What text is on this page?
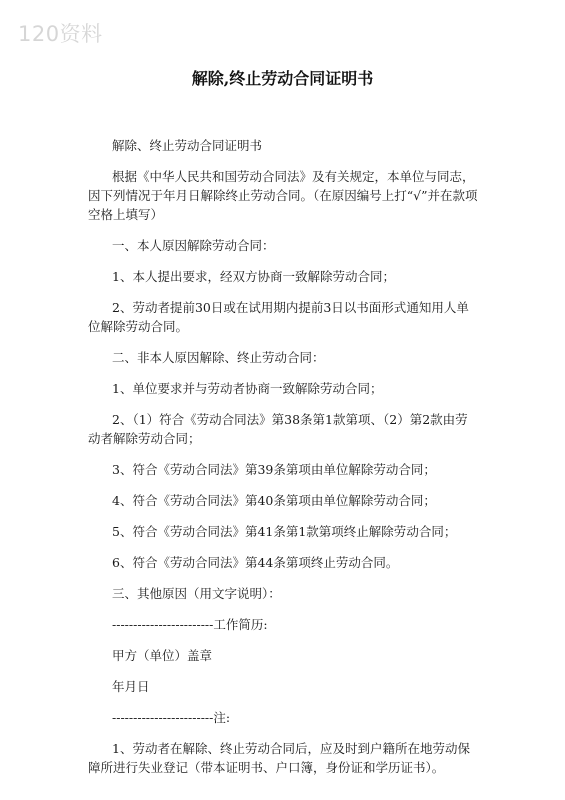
120资料
解除,终止劳动合同证明书

解除、终止劳动合同证明书

根据《中华人民共和国劳动合同法》及有关规定，本单位与同志，因下列情况于年月日解除终止劳动合同。（在原因编号上打“√”并在款项空格上填写）

一、本人原因解除劳动合同：

1、本人提出要求，经双方协商一致解除劳动合同；

2、劳动者提前30日或在试用期内提前3日以书面形式通知用人单位解除劳动合同。

二、非本人原因解除、终止劳动合同：

1、单位要求并与劳动者协商一致解除劳动合同；

2、（1）符合《劳动合同法》第38条第1款第项、（2）第2款由劳动者解除劳动合同；

3、符合《劳动合同法》第39条第项由单位解除劳动合同；

4、符合《劳动合同法》第40条第项由单位解除劳动合同；

5、符合《劳动合同法》第41条第1款第项终止解除劳动合同；

6、符合《劳动合同法》第44条第项终止劳动合同。

三、其他原因（用文字说明）：

------------------------工作简历:

甲方（单位）盖章

年月日

------------------------注:

1、劳动者在解除、终止劳动合同后，应及时到户籍所在地劳动保障所进行失业登记（带本证明书、户口簿，身份证和学历证书）。
